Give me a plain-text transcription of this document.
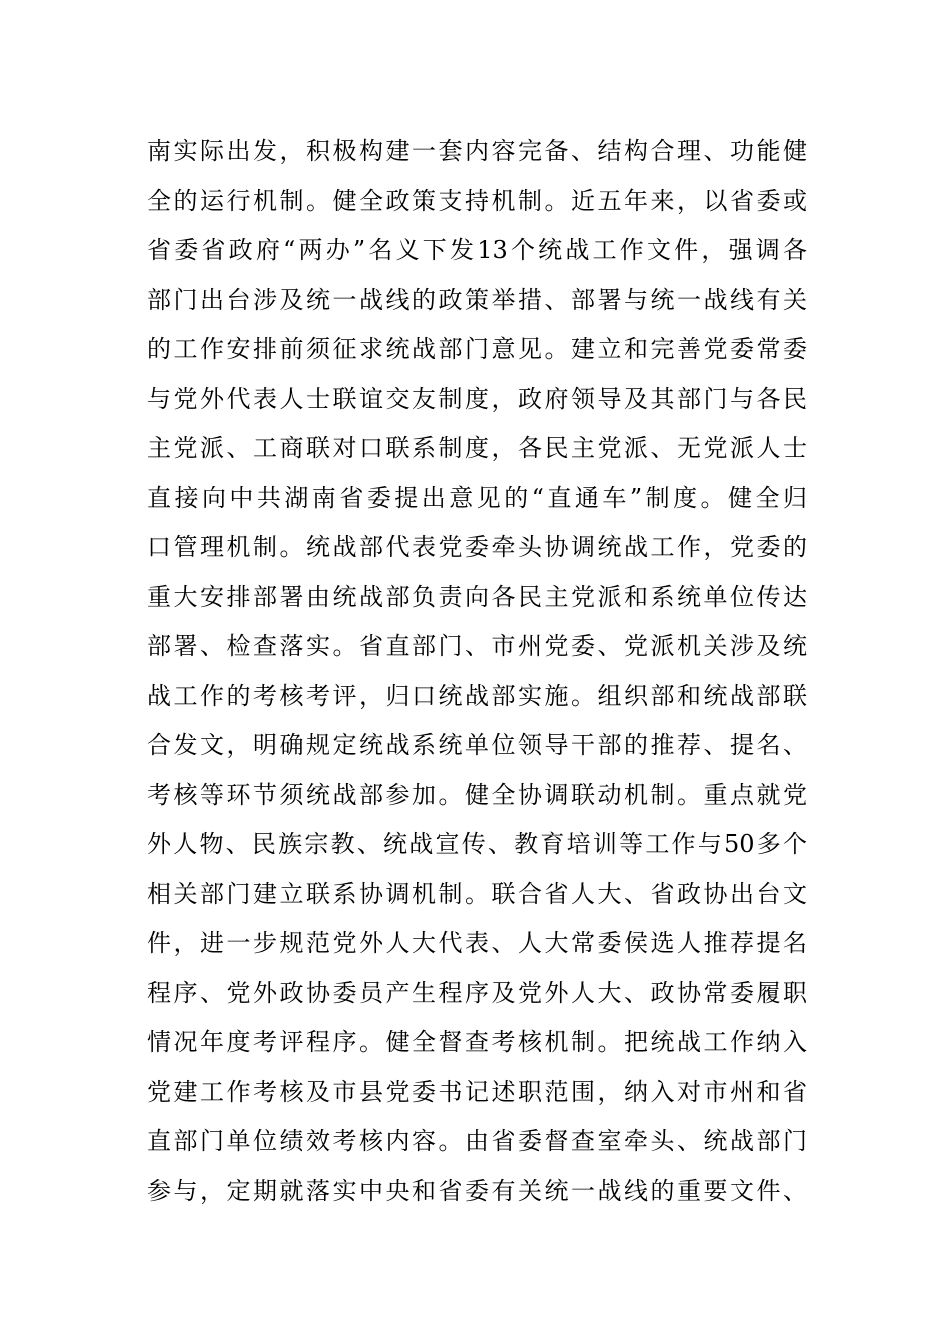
南实际出发，积极构建一套内容完备、结构合理、功能健
全的运行机制。健全政策支持机制。近五年来，以省委或
省委省政府“两办”名义下发13个统战工作文件，强调各
部门出台涉及统一战线的政策举措、部署与统一战线有关
的工作安排前须征求统战部门意见。建立和完善党委常委
与党外代表人士联谊交友制度，政府领导及其部门与各民
主党派、工商联对口联系制度，各民主党派、无党派人士
直接向中共湖南省委提出意见的“直通车”制度。健全归
口管理机制。统战部代表党委牵头协调统战工作，党委的
重大安排部署由统战部负责向各民主党派和系统单位传达
部署、检查落实。省直部门、市州党委、党派机关涉及统
战工作的考核考评，归口统战部实施。组织部和统战部联
合发文，明确规定统战系统单位领导干部的推荐、提名、
考核等环节须统战部参加。健全协调联动机制。重点就党
外人物、民族宗教、统战宣传、教育培训等工作与50多个
相关部门建立联系协调机制。联合省人大、省政协出台文
件，进一步规范党外人大代表、人大常委侯选人推荐提名
程序、党外政协委员产生程序及党外人大、政协常委履职
情况年度考评程序。健全督查考核机制。把统战工作纳入
党建工作考核及市县党委书记述职范围，纳入对市州和省
直部门单位绩效考核内容。由省委督查室牵头、统战部门
参与，定期就落实中央和省委有关统一战线的重要文件、
